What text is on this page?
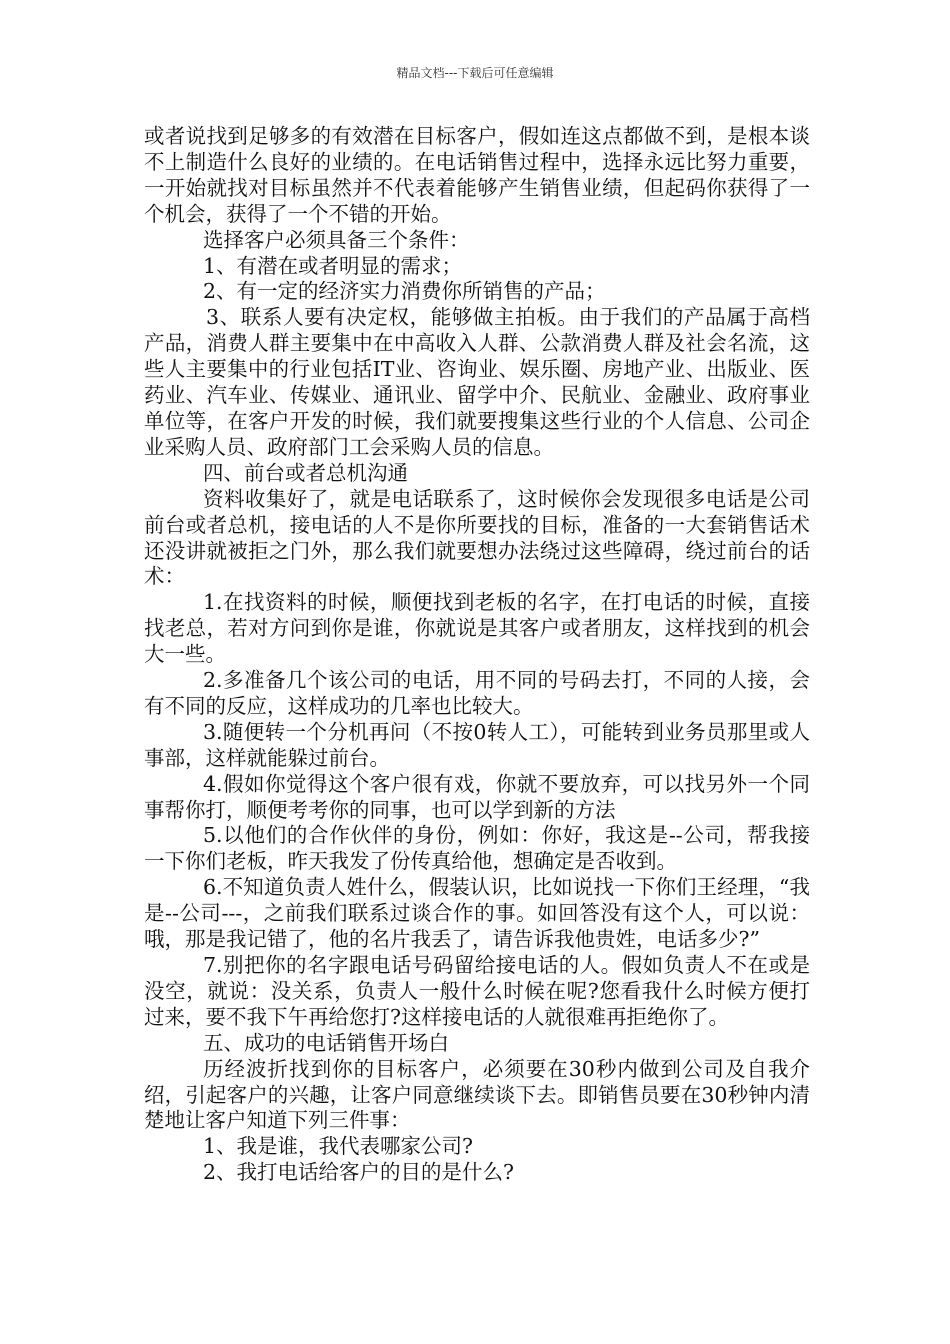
精品文档---下载后可任意编辑

或者说找到足够多的有效潜在目标客户，假如连这点都做不到，是根本谈不上制造什么良好的业绩的。在电话销售过程中，选择永远比努力重要，一开始就找对目标虽然并不代表着能够产生销售业绩，但起码你获得了一个机会，获得了一个不错的开始。

选择客户必须具备三个条件：

1、有潜在或者明显的需求；

2、有一定的经济实力消费你所销售的产品；

3、联系人要有决定权，能够做主拍板。由于我们的产品属于高档产品，消费人群主要集中在中高收入人群、公款消费人群及社会名流，这些人主要集中的行业包括IT业、咨询业、娱乐圈、房地产业、出版业、医药业、汽车业、传媒业、通讯业、留学中介、民航业、金融业、政府事业单位等，在客户开发的时候，我们就要搜集这些行业的个人信息、公司企业采购人员、政府部门工会采购人员的信息。

四、前台或者总机沟通

资料收集好了，就是电话联系了，这时候你会发现很多电话是公司前台或者总机，接电话的人不是你所要找的目标，准备的一大套销售话术还没讲就被拒之门外，那么我们就要想办法绕过这些障碍，绕过前台的话术：

1.在找资料的时候，顺便找到老板的名字，在打电话的时候，直接找老总，若对方问到你是谁，你就说是其客户或者朋友，这样找到的机会大一些。

2.多准备几个该公司的电话，用不同的号码去打，不同的人接，会有不同的反应，这样成功的几率也比较大。

3.随便转一个分机再问（不按0转人工），可能转到业务员那里或人事部，这样就能躲过前台。

4.假如你觉得这个客户很有戏，你就不要放弃，可以找另外一个同事帮你打，顺便考考你的同事，也可以学到新的方法

5.以他们的合作伙伴的身份，例如：你好，我这是--公司，帮我接一下你们老板，昨天我发了份传真给他，想确定是否收到。

6.不知道负责人姓什么，假装认识，比如说找一下你们王经理，“我是--公司---，之前我们联系过谈合作的事。如回答没有这个人，可以说：哦，那是我记错了，他的名片我丢了，请告诉我他贵姓，电话多少?”

7.别把你的名字跟电话号码留给接电话的人。假如负责人不在或是没空，就说：没关系，负责人一般什么时候在呢?您看我什么时候方便打过来，要不我下午再给您打?这样接电话的人就很难再拒绝你了。

五、成功的电话销售开场白

历经波折找到你的目标客户，必须要在30秒内做到公司及自我介绍，引起客户的兴趣，让客户同意继续谈下去。即销售员要在30秒钟内清楚地让客户知道下列三件事：

1、我是谁，我代表哪家公司?

2、我打电话给客户的目的是什么?
